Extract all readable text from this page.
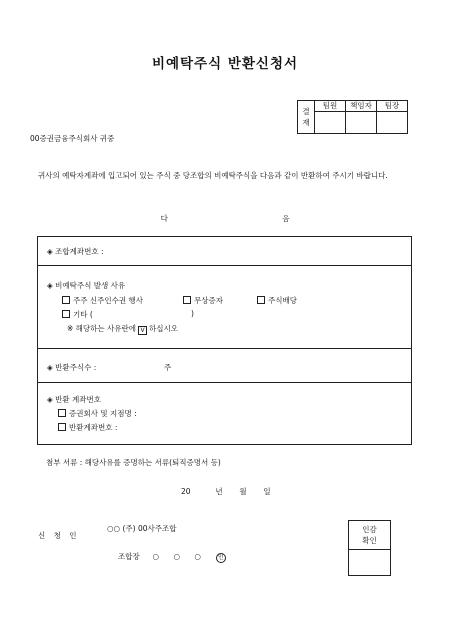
비예탁주식 반환신청서
결재	팀원	책임자	팀장

00증권금융주식회사 귀중
귀사의 예탁자계좌에 입고되어 있는 주식 중 당조합의 비예탁주식을 다음과 같이 반환하여 주시기 바랍니다.
다 음
◈ 조합계좌번호 :
◈ 비예탁주식 발생 사유
주주 신주인수권 행사	무상증자	주식배당
기타 (	)
※ 해당하는 사유란에 V 하십시오
◈ 반환주식수 :	주
◈ 반환 계좌번호
증권회사 및 지점명 :
반환계좌번호 :
첨부 서류 : 해당사유를 증명하는 서류(퇴직증명서 등)
20	년 월 일
신 청 인
○○ (주) 00사주조합
조합장 ○ ○ ○ 인
인감
확인
